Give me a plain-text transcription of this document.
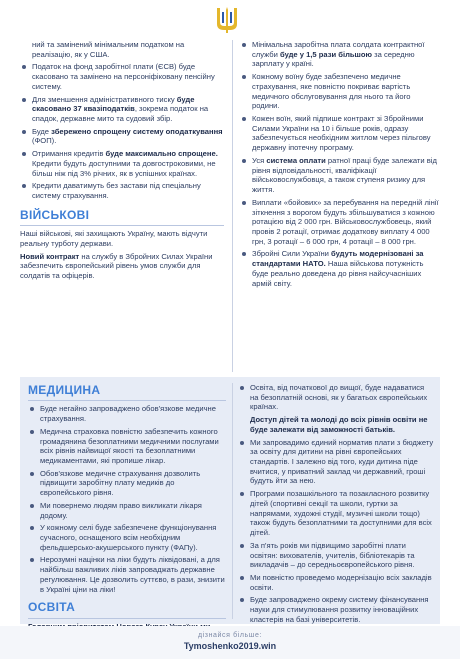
ний та замінений мінімальним податком на реалізацію, як у США.
Податок на фонд заробітної плати (ЄСВ) буде скасовано та замінено на персоніфіковану пенсійну систему.
Для зменшення адміністративного тиску буде скасовано 37 квазіподатків, зокрема податок на спадок, державне мито та судовий збір.
Буде збережено спрощену систему оподаткування (ФОП).
Отримання кредитів буде максимально спрощене. Кредити будуть доступними та довгостроковими, не більш ніж під 3% річних, як в успішних країнах.
Кредити даватимуть без застави під спеціальну систему страхування.
ВІЙСЬКОВІ
Наші військові, які захищають Україну, мають відчути реальну турботу держави.
Новий контракт на службу в Збройних Силах України забезпечить європейський рівень умов служби для солдатів та офіцерів.
Мінімальна заробітна плата солдата контрактної служби буде у 1,5 рази більшою за середню зарплату у країні.
Кожному воїну буде забезпечено медичне страхування, яке повністю покриває вартість медичного обслуговування для нього та його родини.
Кожен воїн, який підпише контракт зі Збройними Силами України на 10 і більше років, одразу забезпечується необхідним житлом через пільгову державну іпотечну програму.
Уся система оплати ратної праці буде залежати від рівня відповідальності, кваліфікації військовослужбовця, а також ступеня ризику для життя.
Виплати «бойових» за перебування на передній лінії зіткнення з ворогом будуть збільшуватися з кожною ротацією від 2 000 грн. Військовослужбовець, який провів 2 ротації, отримає додаткову виплату 4 000 грн, 3 ротації – 6 000 грн, 4 ротації – 8 000 грн.
Збройні Сили України будуть модернізовані за стандартами НАТО. Наша військова потужність буде реально доведена до рівня найсучасніших армій світу.
МЕДИЦИНА
Буде негайно запроваджено обов'язкове медичне страхування.
Медична страховка повністю забезпечить кожного громадянина безоплатними медичними послугами всіх рівнів найвищої якості та безоплатними медикаментами, які пропише лікар.
Обов'язкове медичне страхування дозволить підвищити заробітну плату медиків до європейського рівня.
Ми повернемо людям право викликати лікаря додому.
У кожному селі буде забезпечене функціонування сучасного, оснащеного всім необхідним фельдшерсько-акушерського пункту (ФАПу).
Нерозумні націнки на ліки будуть ліквідовані, а для найбільш важливих ліків запроваджать державне регулювання. Це дозволить суттєво, в рази, знизити в Україні ціни на ліки!
ОСВІТА
Освіта, від початкової до вищої, буде надаватися на безоплатній основі, як у багатьох європейських країнах.
Доступ дітей та молоді до всіх рівнів освіти не буде залежати від заможності батьків.
Ми запровадимо єдиний норматив плати з бюджету за освіту для дитини на рівні європейських стандартів. І залежно від того, куди дитина піде вчитися, у приватний заклад чи державний, гроші будуть йти за нею.
Програми позашкільного та позакласного розвитку дітей (спортивні секції та школи, гуртки за напрямами, художні студії, музичні школи тощо) також будуть безоплатними та доступними для всіх дітей.
За п'ять років ми підвищимо заробітні плати освітян: вихователів, учителів, бібліотекарів та викладачів – до середньоєвропейського рівня.
Ми повністю проведемо модернізацію всіх закладів освіти.
Буде запроваджено окрему систему фінансування науки для стимулювання розвитку інноваційних кластерів на базі університетів.
дізнайся більше:
Tymoshenko2019.win
